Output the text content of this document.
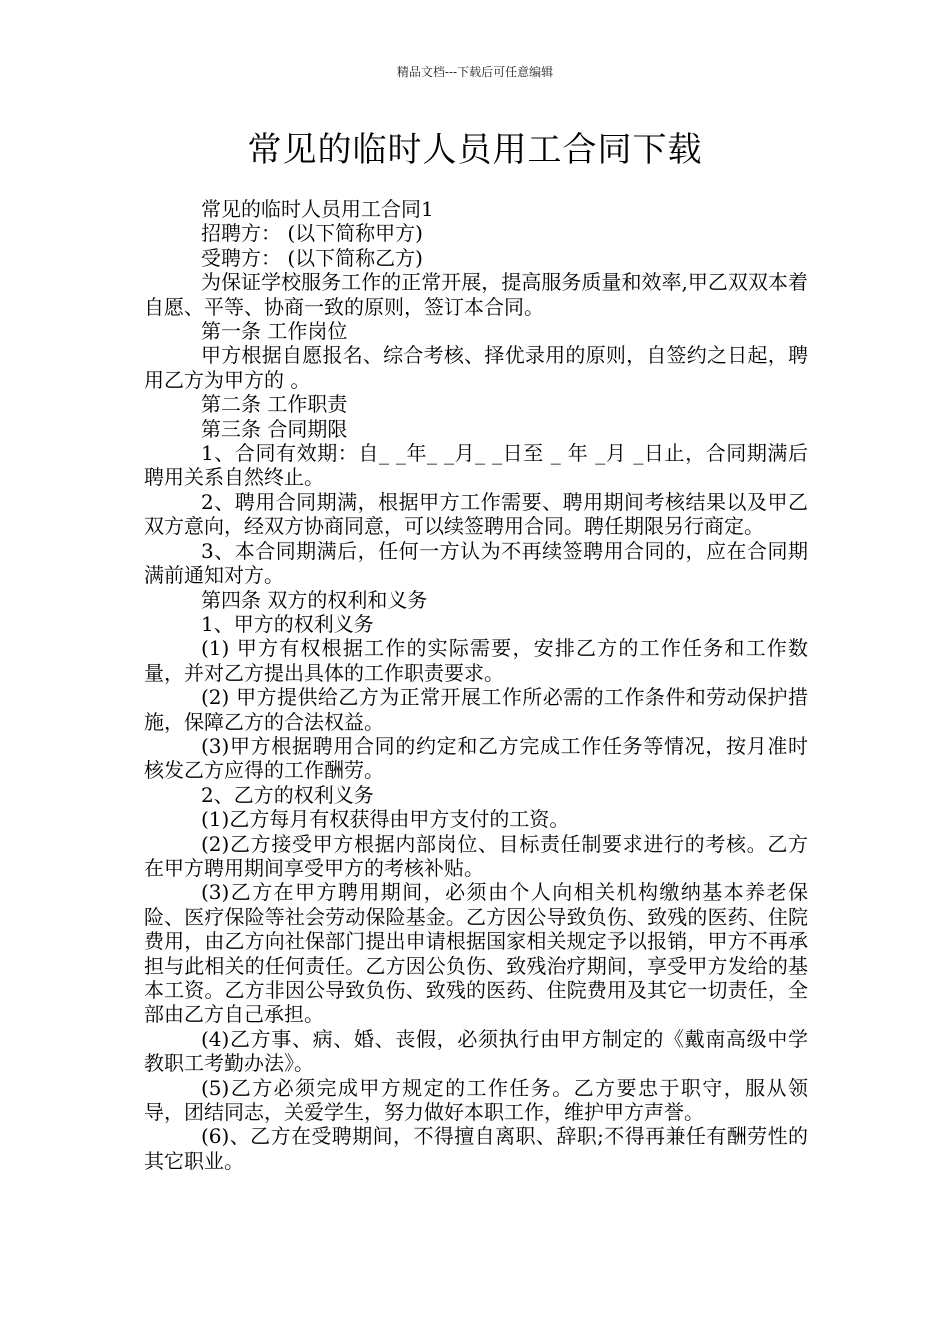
精品文档---下载后可任意编辑
常见的临时人员用工合同下载

常见的临时人员用工合同1

招聘方： (以下简称甲方)

受聘方： (以下简称乙方)

为保证学校服务工作的正常开展，提高服务质量和效率,甲乙双双本着自愿、平等、协商一致的原则，签订本合同。

第一条 工作岗位

甲方根据自愿报名、综合考核、择优录用的原则，自签约之日起，聘用乙方为甲方的 。

第二条 工作职责

第三条 合同期限

1、合同有效期：自_ _年_ _月_ _日至 _ 年 _月 _日止，合同期满后聘用关系自然终止。

2、聘用合同期满，根据甲方工作需要、聘用期间考核结果以及甲乙双方意向，经双方协商同意，可以续签聘用合同。聘任期限另行商定。

3、本合同期满后，任何一方认为不再续签聘用合同的，应在合同期满前通知对方。

第四条 双方的权利和义务

1、甲方的权利义务

(1) 甲方有权根据工作的实际需要，安排乙方的工作任务和工作数量，并对乙方提出具体的工作职责要求。

(2) 甲方提供给乙方为正常开展工作所必需的工作条件和劳动保护措施，保障乙方的合法权益。

(3)甲方根据聘用合同的约定和乙方完成工作任务等情况，按月准时核发乙方应得的工作酬劳。

2、乙方的权利义务

(1)乙方每月有权获得由甲方支付的工资。

(2)乙方接受甲方根据内部岗位、目标责任制要求进行的考核。乙方在甲方聘用期间享受甲方的考核补贴。

(3)乙方在甲方聘用期间，必须由个人向相关机构缴纳基本养老保险、医疗保险等社会劳动保险基金。乙方因公导致负伤、致残的医药、住院费用，由乙方向社保部门提出申请根据国家相关规定予以报销，甲方不再承担与此相关的任何责任。乙方因公负伤、致残治疗期间，享受甲方发给的基本工资。乙方非因公导致负伤、致残的医药、住院费用及其它一切责任，全部由乙方自己承担。

(4)乙方事、病、婚、丧假，必须执行由甲方制定的《戴南高级中学教职工考勤办法》。

(5)乙方必须完成甲方规定的工作任务。乙方要忠于职守，服从领导，团结同志，关爱学生，努力做好本职工作，维护甲方声誉。

(6)、乙方在受聘期间，不得擅自离职、辞职;不得再兼任有酬劳性的其它职业。
